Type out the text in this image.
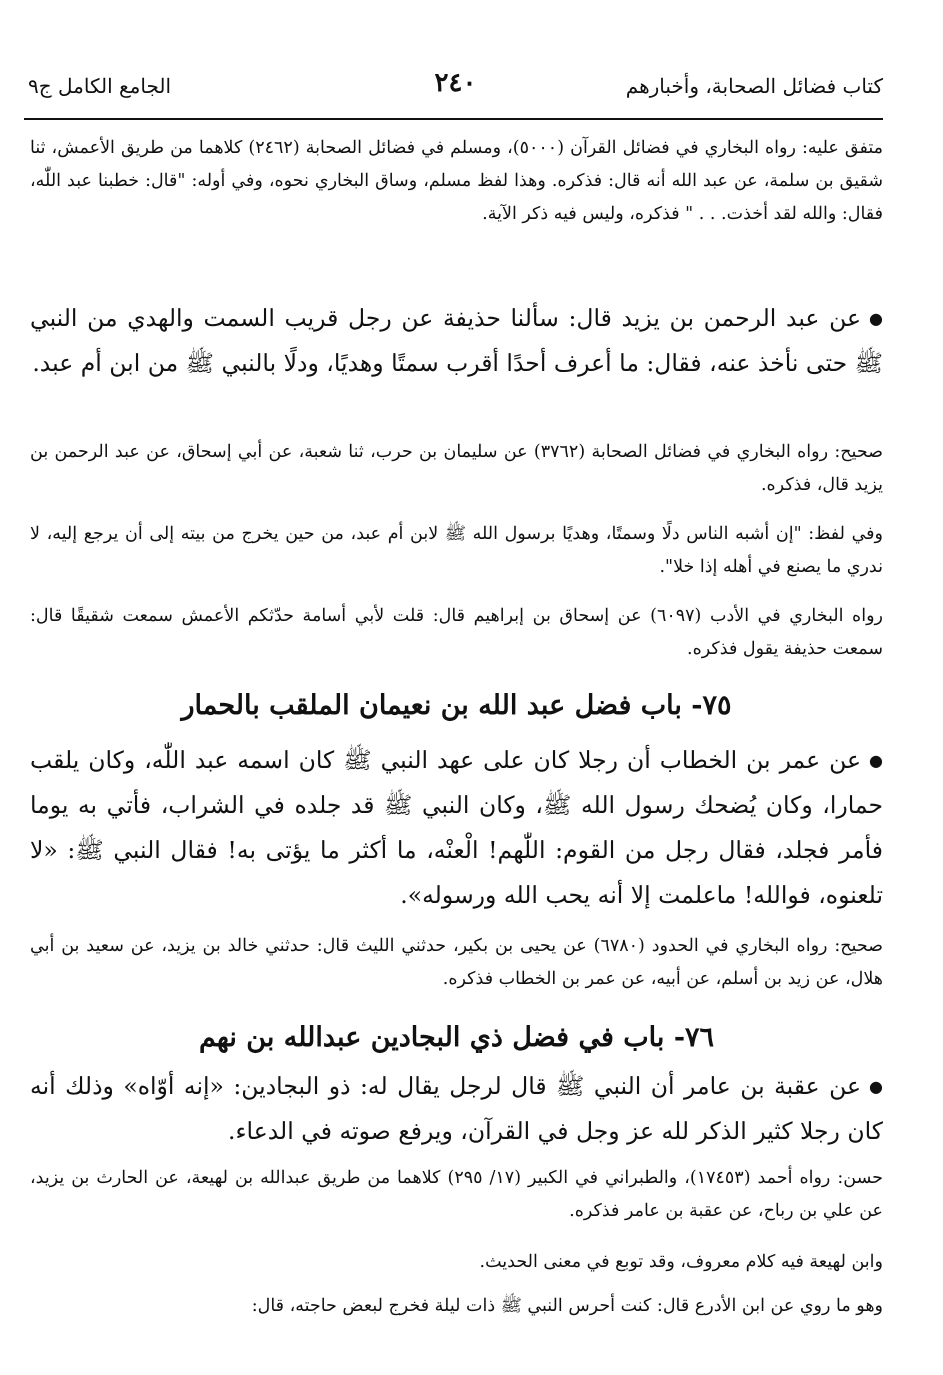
كتاب فضائل الصحابة، وأخبارهم
٢٤٠
الجامع الكامل ج٩

متفق عليه: رواه البخاري في فضائل القرآن (٥٠٠٠)، ومسلم في فضائل الصحابة (٢٤٦٢) كلاهما من طريق الأعمش، ثنا شقيق بن سلمة، عن عبد الله أنه قال: فذكره. وهذا لفظ مسلم، وساق البخاري نحوه، وفي أوله: "قال: خطبنا عبد اللّٰه، فقال: والله لقد أخذت. . . " فذكره، وليس فيه ذكر الآية.

●عن عبد الرحمن بن يزيد قال: سألنا حذيفة عن رجل قريب السمت والهدي من النبي ﷺ حتى نأخذ عنه، فقال: ما أعرف أحدًا أقرب سمتًا وهديًا، ودلًا بالنبي ﷺ من ابن أم عبد.

صحيح: رواه البخاري في فضائل الصحابة (٣٧٦٢) عن سليمان بن حرب، ثنا شعبة، عن أبي إسحاق، عن عبد الرحمن بن يزيد قال، فذكره.

وفي لفظ: "إن أشبه الناس دلًا وسمتًا، وهديًا برسول الله ﷺ لابن أم عبد، من حين يخرج من بيته إلى أن يرجع إليه، لا ندري ما يصنع في أهله إذا خلا".

رواه البخاري في الأدب (٦٠٩٧) عن إسحاق بن إبراهيم قال: قلت لأبي أسامة حدّثكم الأعمش سمعت شقيقًا قال: سمعت حذيفة يقول فذكره.

٧٥- باب فضل عبد الله بن نعيمان الملقب بالحمار

●عن عمر بن الخطاب أن رجلا كان على عهد النبي ﷺ كان اسمه عبد اللّٰه، وكان يلقب حمارا، وكان يُضحك رسول الله ﷺ، وكان النبي ﷺ قد جلده في الشراب، فأتي به يوما فأمر فجلد، فقال رجل من القوم: اللّٰهم! الْعنْه، ما أكثر ما يؤتى به! فقال النبي ﷺ: «لا تلعنوه، فوالله! ماعلمت إلا أنه يحب الله ورسوله».

صحيح: رواه البخاري في الحدود (٦٧٨٠) عن يحيى بن بكير، حدثني الليث قال: حدثني خالد بن يزيد، عن سعيد بن أبي هلال، عن زيد بن أسلم، عن أبيه، عن عمر بن الخطاب فذكره.

٧٦- باب في فضل ذي البجادين عبدالله بن نهم

●عن عقبة بن عامر أن النبي ﷺ قال لرجل يقال له: ذو البجادين: «إنه أوّاه» وذلك أنه كان رجلا كثير الذكر لله عز وجل في القرآن، ويرفع صوته في الدعاء.

حسن: رواه أحمد (١٧٤٥٣)، والطبراني في الكبير (١٧/ ٢٩٥) كلاهما من طريق عبدالله بن لهيعة، عن الحارث بن يزيد، عن علي بن رباح، عن عقبة بن عامر فذكره.

وابن لهيعة فيه كلام معروف، وقد توبع في معنى الحديث.

وهو ما روي عن ابن الأدرع قال: كنت أحرس النبي ﷺ ذات ليلة فخرج لبعض حاجته، قال:
